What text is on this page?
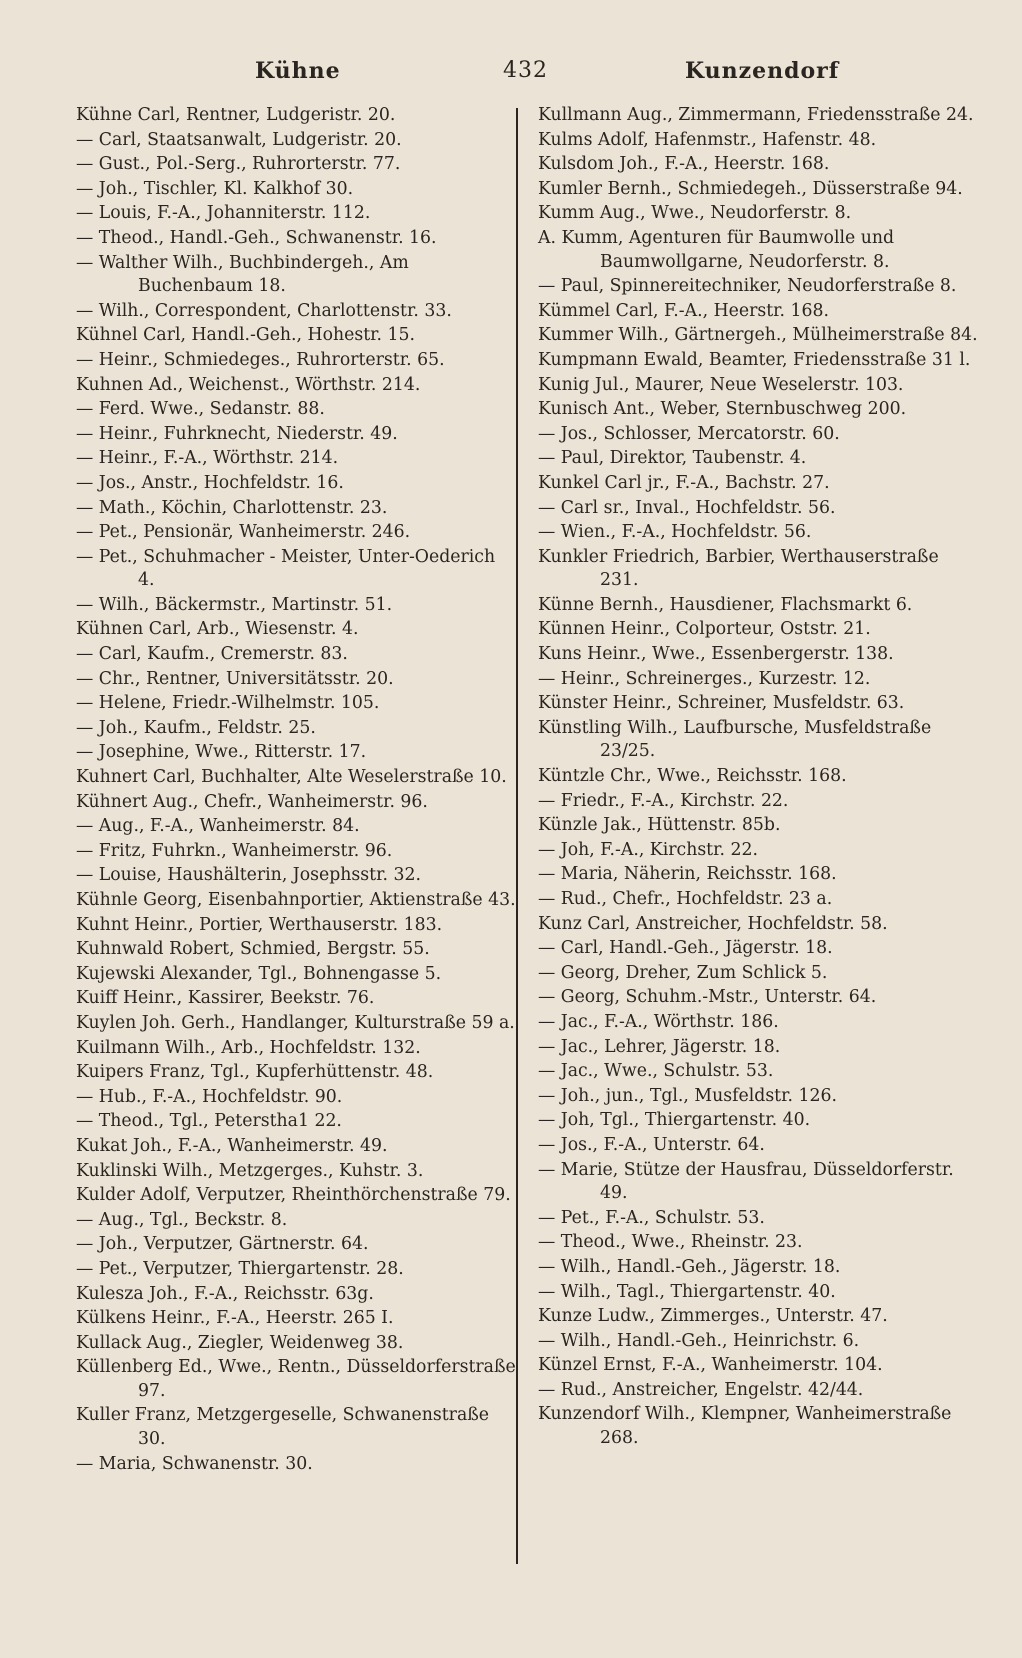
Kühne	432	Kunzendorf
Kühne Carl, Rentner, Ludgeristr. 20.
— Carl, Staatsanwalt, Ludgeristr. 20.
— Gust., Pol.-Serg., Ruhrorterstr. 77.
— Joh., Tischler, Kl. Kalkhof 30.
— Louis, F.-A., Johanniterstr. 112.
— Theod., Handl.-Geh., Schwanenstr. 16.
— Walther Wilh., Buchbindergeh., Am Buchenbaum 18.
— Wilh., Correspondent, Charlottenstr. 33.
Kühnel Carl, Handl.-Geh., Hohestr. 15.
— Heinr., Schmiedeges., Ruhrorterstr. 65.
Kuhnen Ad., Weichenst., Wörthstr. 214.
— Ferd. Wwe., Sedanstr. 88.
— Heinr., Fuhrknecht, Niederstr. 49.
— Heinr., F.-A., Wörthstr. 214.
— Jos., Anstr., Hochfeldstr. 16.
— Math., Köchin, Charlottenstr. 23.
— Pet., Pensionär, Wanheimerstr. 246.
— Pet., Schuhmacher - Meister, Unter-Oederich 4.
— Wilh., Bäckermstr., Martinstr. 51.
Kühnen Carl, Arb., Wiesenstr. 4.
— Carl, Kaufm., Cremerstr. 83.
— Chr., Rentner, Universitätsstr. 20.
— Helene, Friedr.-Wilhelmstr. 105.
— Joh., Kaufm., Feldstr. 25.
— Josephine, Wwe., Ritterstr. 17.
Kuhnert Carl, Buchhalter, Alte Weselerstraße 10.
Kühnert Aug., Chefr., Wanheimerstr. 96.
— Aug., F.-A., Wanheimerstr. 84.
— Fritz, Fuhrkn., Wanheimerstr. 96.
— Louise, Haushälterin, Josephsstr. 32.
Kühnle Georg, Eisenbahnportier, Aktienstraße 43.
Kuhnt Heinr., Portier, Werthauserstr. 183.
Kuhnwald Robert, Schmied, Bergstr. 55.
Kujewski Alexander, Tgl., Bohnengasse 5.
Kuiff Heinr., Kassirer, Beekstr. 76.
Kuylen Joh. Gerh., Handlanger, Kulturstraße 59 a.
Kuilmann Wilh., Arb., Hochfeldstr. 132.
Kuipers Franz, Tgl., Kupferhüttenstr. 48.
— Hub., F.-A., Hochfeldstr. 90.
— Theod., Tgl., Peterstha1 22.
Kukat Joh., F.-A., Wanheimerstr. 49.
Kuklinski Wilh., Metzgerges., Kuhstr. 3.
Kulder Adolf, Verputzer, Rheinthörchenstraße 79.
— Aug., Tgl., Beckstr. 8.
— Joh., Verputzer, Gärtnerstr. 64.
— Pet., Verputzer, Thiergartenstr. 28.
Kulesza Joh., F.-A., Reichsstr. 63g.
Külkens Heinr., F.-A., Heerstr. 265 I.
Kullack Aug., Ziegler, Weidenweg 38.
Küllenberg Ed., Wwe., Rentn., Düsseldorferstraße 97.
Kuller Franz, Metzgergeselle, Schwanenstraße 30.
— Maria, Schwanenstr. 30.
Kullmann Aug., Zimmermann, Friedensstraße 24.
Kulms Adolf, Hafenmstr., Hafenstr. 48.
Kulsdom Joh., F.-A., Heerstr. 168.
Kumler Bernh., Schmiedegeh., Düsserstraße 94.
Kumm Aug., Wwe., Neudorferstr. 8.
A. Kumm, Agenturen für Baumwolle und Baumwollgarne, Neudorferstr. 8.
— Paul, Spinnereitechniker, Neudorferstraße 8.
Kümmel Carl, F.-A., Heerstr. 168.
Kummer Wilh., Gärtnergeh., Mülheimerstraße 84.
Kumpmann Ewald, Beamter, Friedensstraße 31 l.
Kunig Jul., Maurer, Neue Weselerstr. 103.
Kunisch Ant., Weber, Sternbuschweg 200.
— Jos., Schlosser, Mercatorstr. 60.
— Paul, Direktor, Taubenstr. 4.
Kunkel Carl jr., F.-A., Bachstr. 27.
— Carl sr., Inval., Hochfeldstr. 56.
— Wien., F.-A., Hochfeldstr. 56.
Kunkler Friedrich, Barbier, Werthauserstraße 231.
Künne Bernh., Hausdiener, Flachsmarkt 6.
Künnen Heinr., Colporteur, Oststr. 21.
Kuns Heinr., Wwe., Essenbergerstr. 138.
— Heinr., Schreinerges., Kurzestr. 12.
Künster Heinr., Schreiner, Musfeldstr. 63.
Künstling Wilh., Laufbursche, Musfeldstraße 23/25.
Küntzle Chr., Wwe., Reichsstr. 168.
— Friedr., F.-A., Kirchstr. 22.
Künzle Jak., Hüttenstr. 85b.
— Joh, F.-A., Kirchstr. 22.
— Maria, Näherin, Reichsstr. 168.
— Rud., Chefr., Hochfeldstr. 23 a.
Kunz Carl, Anstreicher, Hochfeldstr. 58.
— Carl, Handl.-Geh., Jägerstr. 18.
— Georg, Dreher, Zum Schlick 5.
— Georg, Schuhm.-Mstr., Unterstr. 64.
— Jac., F.-A., Wörthstr. 186.
— Jac., Lehrer, Jägerstr. 18.
— Jac., Wwe., Schulstr. 53.
— Joh., jun., Tgl., Musfeldstr. 126.
— Joh, Tgl., Thiergartenstr. 40.
— Jos., F.-A., Unterstr. 64.
— Marie, Stütze der Hausfrau, Düsseldorferstr. 49.
— Pet., F.-A., Schulstr. 53.
— Theod., Wwe., Rheinstr. 23.
— Wilh., Handl.-Geh., Jägerstr. 18.
— Wilh., Tagl., Thiergartenstr. 40.
Kunze Ludw., Zimmerges., Unterstr. 47.
— Wilh., Handl.-Geh., Heinrichstr. 6.
Künzel Ernst, F.-A., Wanheimerstr. 104.
— Rud., Anstreicher, Engelstr. 42/44.
Kunzendorf Wilh., Klempner, Wanheimerstraße 268.
